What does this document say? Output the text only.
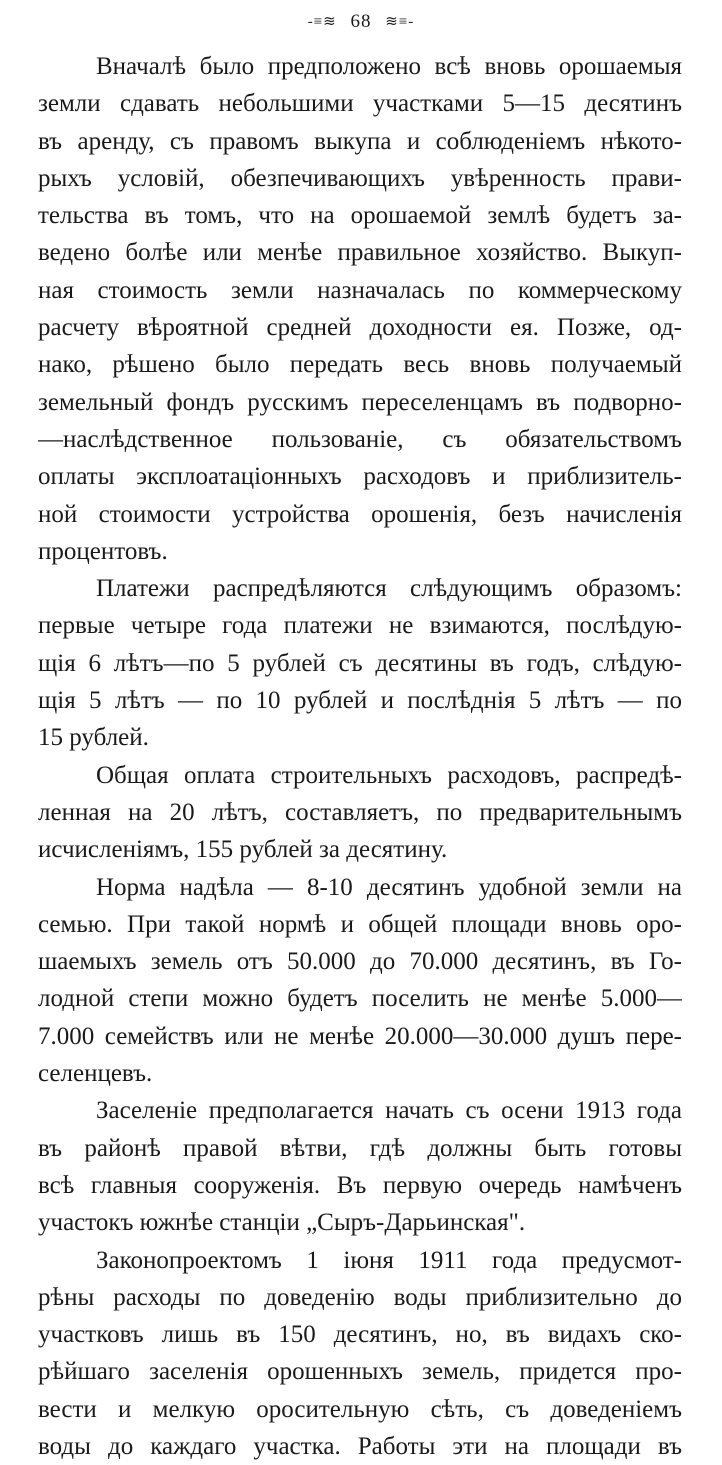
-≡≋ 68 ≋≡-
Вначалѣ было предположено всѣ вновь орошаемыя
земли сдавать небольшими участками 5—15 десятинъ
въ аренду, съ правомъ выкупа и соблюденіемъ нѣкото-
рыхъ условій, обезпечивающихъ увѣренность прави-
тельства въ томъ, что на орошаемой землѣ будетъ за-
ведено болѣе или менѣе правильное хозяйство. Выкуп-
ная стоимость земли назначалась по коммерческому
расчету вѣроятной средней доходности ея. Позже, од-
нако, рѣшено было передать весь вновь получаемый
земельный фондъ русскимъ переселенцамъ въ подворно-
—наслѣдственное пользованіе, съ обязательствомъ
оплаты эксплоатаціонныхъ расходовъ и приблизитель-
ной стоимости устройства орошенія, безъ начисленія
процентовъ.
Платежи распредѣляются слѣдующимъ образомъ:
первые четыре года платежи не взимаются, послѣдую-
щія 6 лѣтъ—по 5 рублей съ десятины въ годъ, слѣдую-
щія 5 лѣтъ — по 10 рублей и послѣднія 5 лѣтъ — по
15 рублей.
Общая оплата строительныхъ расходовъ, распредѣ-
ленная на 20 лѣтъ, составляетъ, по предварительнымъ
исчисленіямъ, 155 рублей за десятину.
Норма надѣла — 8-10 десятинъ удобной земли на
семью. При такой нормѣ и общей площади вновь оро-
шаемыхъ земель отъ 50.000 до 70.000 десятинъ, въ Го-
лодной степи можно будетъ поселить не менѣе 5.000—
7.000 семействъ или не менѣе 20.000—30.000 душъ пере-
селенцевъ.
Заселеніе предполагается начать съ осени 1913 года
въ районѣ правой вѣтви, гдѣ должны быть готовы
всѣ главныя сооруженія. Въ первую очередь намѣченъ
участокъ южнѣе станціи „Сыръ-Дарьинская".
Законопроектомъ 1 іюня 1911 года предусмот-
рѣны расходы по доведенію воды приблизительно до
участковъ лишь въ 150 десятинъ, но, въ видахъ ско-
рѣйшаго заселенія орошенныхъ земель, придется про-
вести и мелкую оросительную сѣть, съ доведеніемъ
воды до каждаго участка. Работы эти на площади въ
